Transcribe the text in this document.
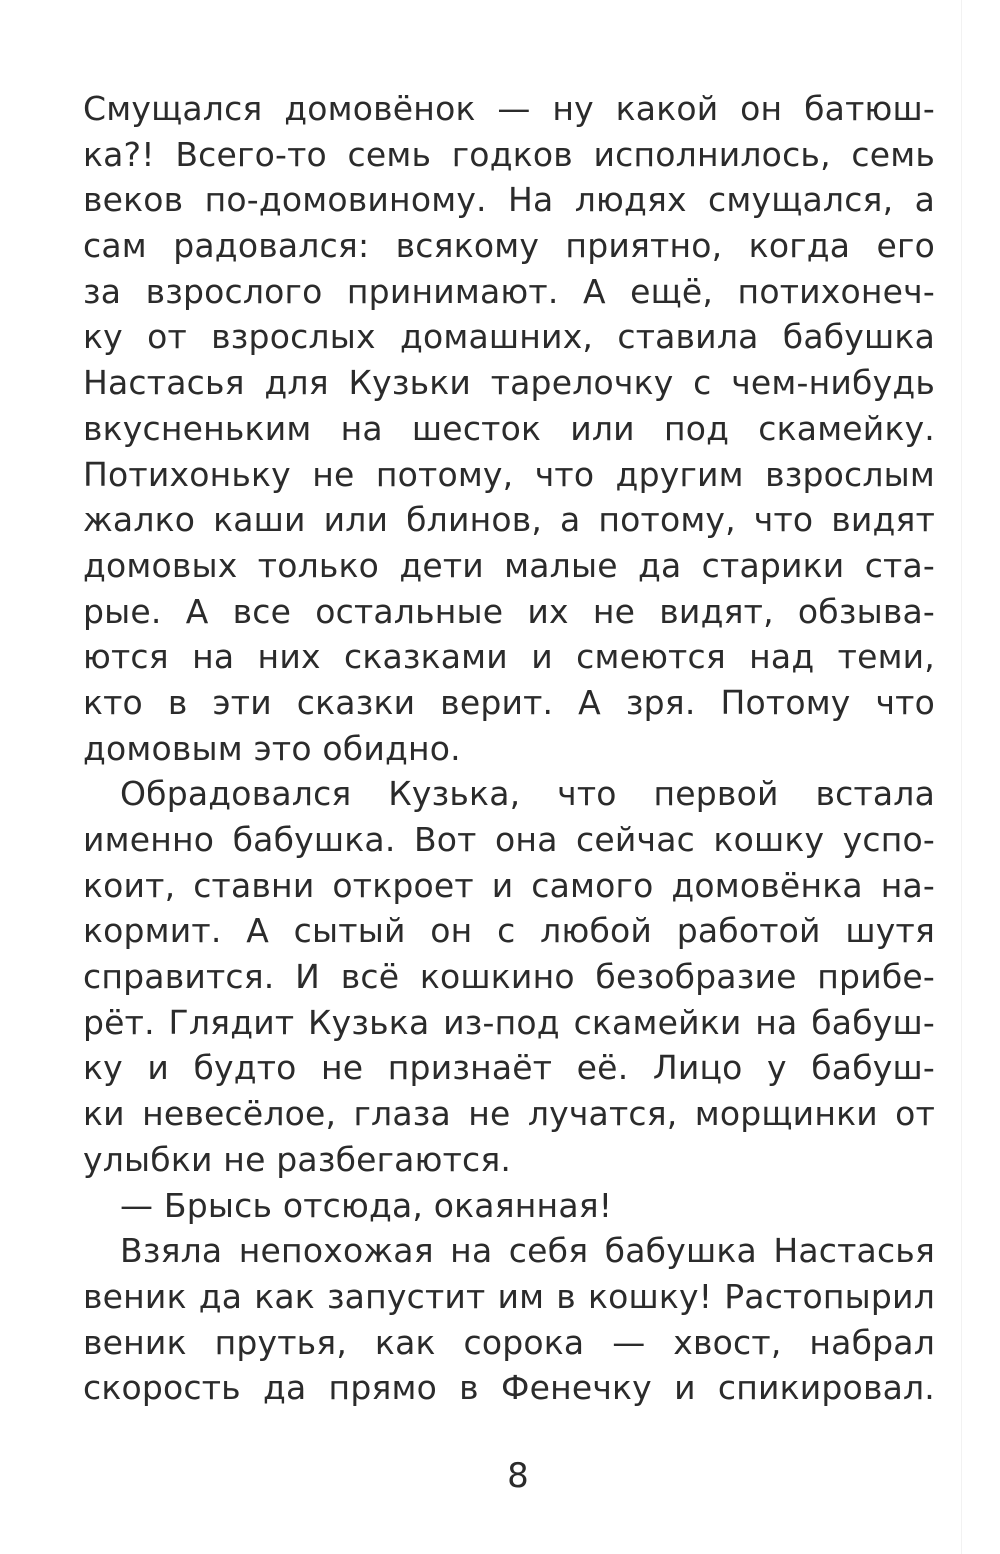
Смущался домовёнок — ну какой он батюш-
ка?! Всего-то семь годков исполнилось, семь
веков по-домовиному. На людях смущался, а
сам радовался: всякому приятно, когда его
за взрослого принимают. А ещё, потихонеч-
ку от взрослых домашних, ставила бабушка
Настасья для Кузьки тарелочку с чем-нибудь
вкусненьким на шесток или под скамейку.
Потихоньку не потому, что другим взрослым
жалко каши или блинов, а потому, что видят
домовых только дети малые да старики ста-
рые. А все остальные их не видят, обзыва-
ются на них сказками и смеются над теми,
кто в эти сказки верит. А зря. Потому что
домовым это обидно.
Обрадовался Кузька, что первой встала
именно бабушка. Вот она сейчас кошку успо-
коит, ставни откроет и самого домовёнка на-
кормит. А сытый он с любой работой шутя
справится. И всё кошкино безобразие прибе-
рёт. Глядит Кузька из-под скамейки на бабуш-
ку и будто не признаёт её. Лицо у бабуш-
ки невесёлое, глаза не лучатся, морщинки от
улыбки не разбегаются.
— Брысь отсюда, окаянная!
Взяла непохожая на себя бабушка Настасья
веник да как запустит им в кошку! Растопырил
веник прутья, как сорока — хвост, набрал
скорость да прямо в Фенечку и спикировал.
8
